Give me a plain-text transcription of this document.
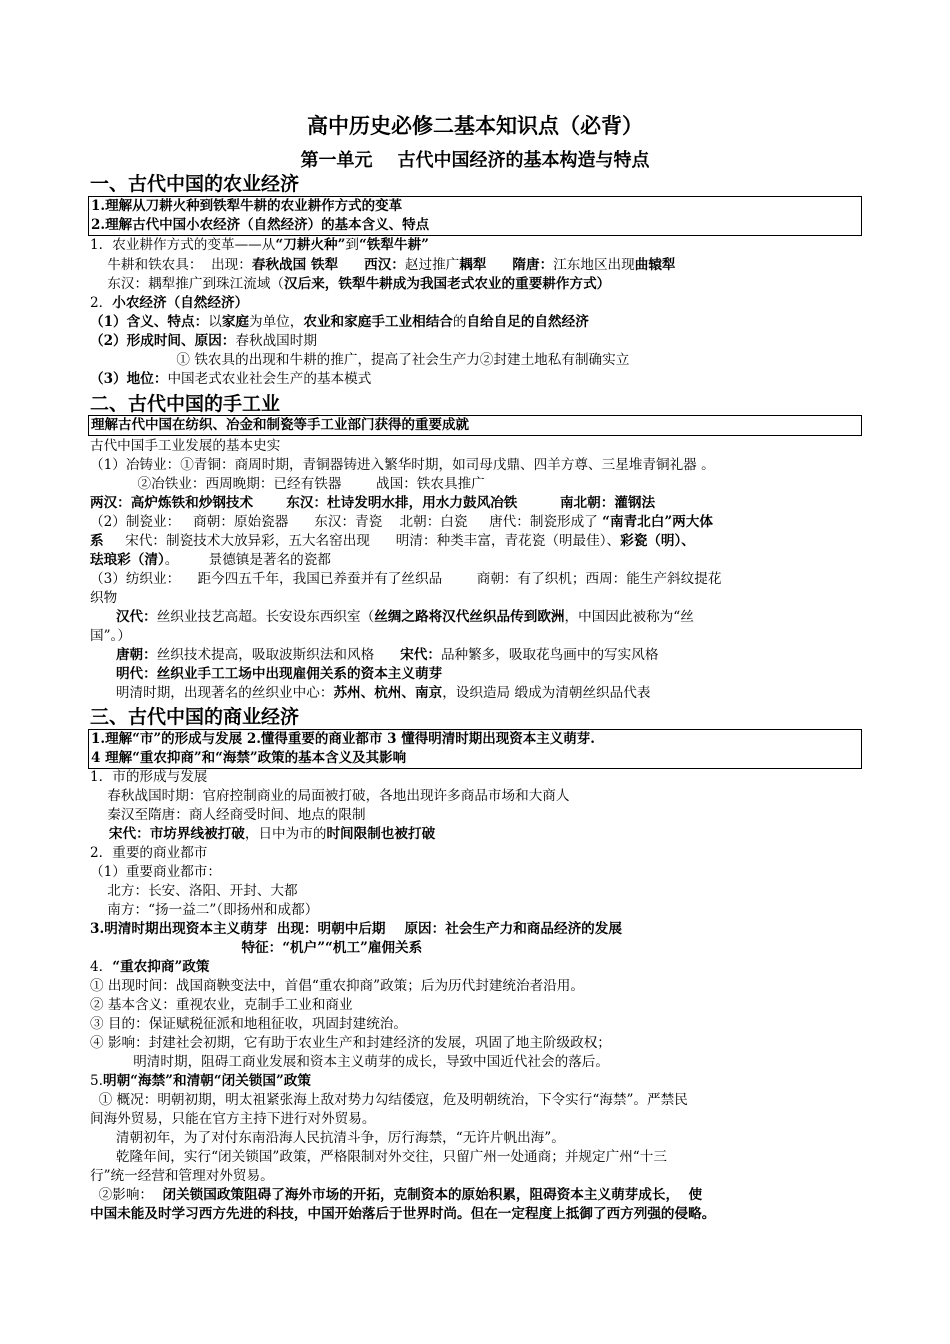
高中历史必修二基本知识点（必背）
第一单元    古代中国经济的基本构造与特点
一、古代中国的农业经济
1.理解从刀耕火种到铁犁牛耕的农业耕作方式的变革
2.理解古代中国小农经济（自然经济）的基本含义、特点
二、古代中国的手工业
理解古代中国在纺织、冶金和制瓷等手工业部门获得的重要成就
三、古代中国的商业经济
1.理解“市”的形成与发展 2.懂得重要的商业都市 3 懂得明清时期出现资本主义萌芽.
4 理解“重农抑商”和“海禁”政策的基本含义及其影响
1．农业耕作方式的变革——从“刀耕火种”到“铁犁牛耕”
牛耕和铁农具：  出现：春秋战国 铁犁 西汉：赵过推广耦犁 隋唐：江东地区出现曲辕犁
东汉：耦犁推广到珠江流域（汉后来，铁犁牛耕成为我国老式农业的重要耕作方式）
2．小农经济（自然经济）
（1）含义、特点：以家庭为单位，农业和家庭手工业相结合的自给自足的自然经济
（2）形成时间、原因：春秋战国时期
① 铁农具的出现和牛耕的推广，提高了社会生产力②封建土地私有制确实立
（3）地位：中国老式农业社会生产的基本模式
古代中国手工业发展的基本史实
（1）冶铸业：①青铜：商周时期，青铜器铸进入繁华时期，如司母戊鼎、四羊方尊、三星堆青铜礼器 。
②冶铁业：西周晚期：已经有铁器        战国：铁农具推广
两汉：高炉炼铁和炒钢技术       东汉：杜诗发明水排，用水力鼓风冶铁         南北朝：灌钢法
（2）制瓷业：   商朝：原始瓷器      东汉：青瓷    北朝：白瓷     唐代：制瓷形成了 “南青北白”两大体
系     宋代：制瓷技术大放异彩，五大名窑出现      明清：种类丰富，青花瓷（明最佳）、彩瓷（明）、
珐琅彩（清）。       景德镇是著名的瓷都
（3）纺织业：    距今四五千年，我国已养蚕并有了丝织品        商朝：有了织机；西周：能生产斜纹提花
织物
汉代：丝织业技艺高超。长安设东西织室（丝绸之路将汉代丝织品传到欧洲，中国因此被称为“丝
国”。）
唐朝：丝织技术提高，吸取波斯织法和风格      宋代：品种繁多，吸取花鸟画中的写实风格
明代：丝织业手工工场中出现雇佣关系的资本主义萌芽
明清时期，出现著名的丝织业中心：苏州、杭州、南京，设织造局 缎成为清朝丝织品代表
1．市的形成与发展
春秋战国时期：官府控制商业的局面被打破，各地出现许多商品市场和大商人
秦汉至隋唐：商人经商受时间、地点的限制
宋代：市坊界线被打破，日中为市的时间限制也被打破
2．重要的商业都市
（1）重要商业都市：
北方：长安、洛阳、开封、大都
南方：“扬一益二”（即扬州和成都）
3.明清时期出现资本主义萌芽  出现：明朝中后期    原因：社会生产力和商品经济的发展
特征：“机户”“机工”雇佣关系
4．“重农抑商”政策
① 出现时间：战国商鞅变法中，首倡“重农抑商”政策；后为历代封建统治者沿用。
② 基本含义：重视农业，克制手工业和商业
③ 目的：保证赋税征派和地租征收，巩固封建统治。
④ 影响：封建社会初期，它有助于农业生产和封建经济的发展，巩固了地主阶级政权；
明清时期，阻碍工商业发展和资本主义萌芽的成长，导致中国近代社会的落后。
5.明朝“海禁”和清朝“闭关锁国”政策
① 概况：明朝初期，明太祖紧张海上敌对势力勾结倭寇，危及明朝统治，下令实行“海禁”。严禁民
间海外贸易，只能在官方主持下进行对外贸易。
清朝初年，为了对付东南沿海人民抗清斗争，厉行海禁，“无许片帆出海”。
乾隆年间，实行“闭关锁国”政策，严格限制对外交往，只留广州一处通商；并规定广州“十三
行”统一经营和管理对外贸易。
②影响：  闭关锁国政策阻碍了海外市场的开拓，克制资本的原始积累，阻碍资本主义萌芽成长，  使
中国未能及时学习西方先进的科技，中国开始落后于世界时尚。但在一定程度上抵御了西方列强的侵略。
